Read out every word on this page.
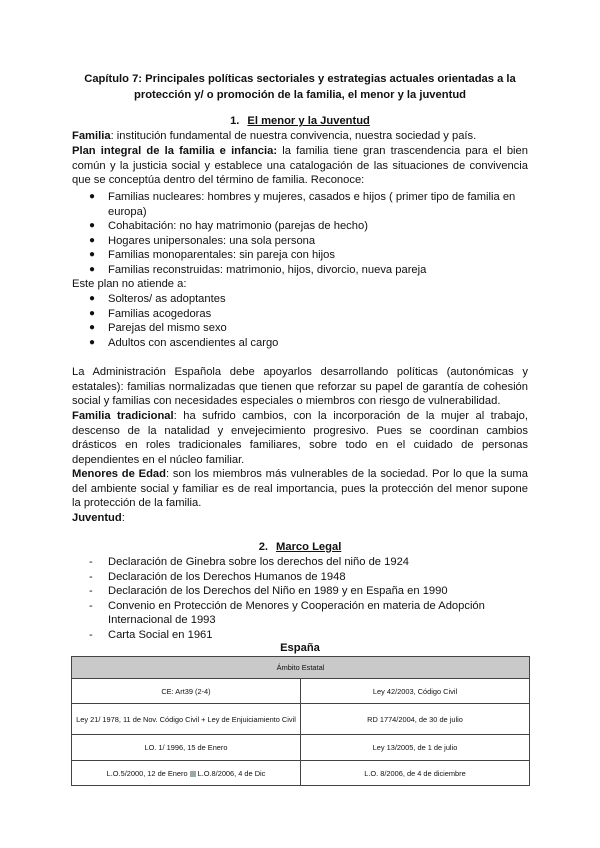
Capítulo 7: Principales políticas sectoriales y estrategias actuales orientadas a la
protección y/ o promoción de la familia, el menor y la juventud
1. El menor y la Juventud
Familia: institución fundamental de nuestra convivencia, nuestra sociedad y país.
Plan integral de la familia e infancia: la familia tiene gran trascendencia para el bien común y la justicia social y establece una catalogación de las situaciones de convivencia que se conceptúa dentro del término de familia. Reconoce:
● Familias nucleares: hombres y mujeres, casados e hijos ( primer tipo de familia en europa)
● Cohabitación: no hay matrimonio (parejas de hecho)
● Hogares unipersonales: una sola persona
● Familias monoparentales: sin pareja con hijos
● Familias reconstruidas: matrimonio, hijos, divorcio, nueva pareja
Este plan no atiende a:
● Solteros/ as adoptantes
● Familias acogedoras
● Parejas del mismo sexo
● Adultos con ascendientes al cargo
La Administración Española debe apoyarlos desarrollando políticas (autonómicas y estatales): familias normalizadas que tienen que reforzar su papel de garantía de cohesión social y familias con necesidades especiales o miembros con riesgo de vulnerabilidad.
Familia tradicional: ha sufrido cambios, con la incorporación de la mujer al trabajo, descenso de la natalidad y envejecimiento progresivo. Pues se coordinan cambios drásticos en roles tradicionales familiares, sobre todo en el cuidado de personas dependientes en el núcleo familiar.
Menores de Edad: son los miembros más vulnerables de la sociedad. Por lo que la suma del ambiente social y familiar es de real importancia, pues la protección del menor supone la protección de la familia.
Juventud:
2. Marco Legal
- Declaración de Ginebra sobre los derechos del niño de 1924
- Declaración de los Derechos Humanos de 1948
- Declaración de los Derechos del Niño en 1989 y en España en 1990
- Convenio en Protección de Menores y Cooperación en materia de Adopción Internacional de 1993
- Carta Social en 1961
España
Ámbito Estatal	
CE: Art39 (2-4)	Ley 42/2003, Código Civil
Ley 21/ 1978, 11 de Nov. Código Civil + Ley de Enjuiciamiento Civil	RD 1774/2004, de 30 de julio
LO. 1/ 1996, 15 de Enero	Ley 13/2005, de 1 de julio
L.O.5/2000, 12 de Enero L.O.8/2006, 4 de Dic	L.O. 8/2006, de 4 de diciembre
